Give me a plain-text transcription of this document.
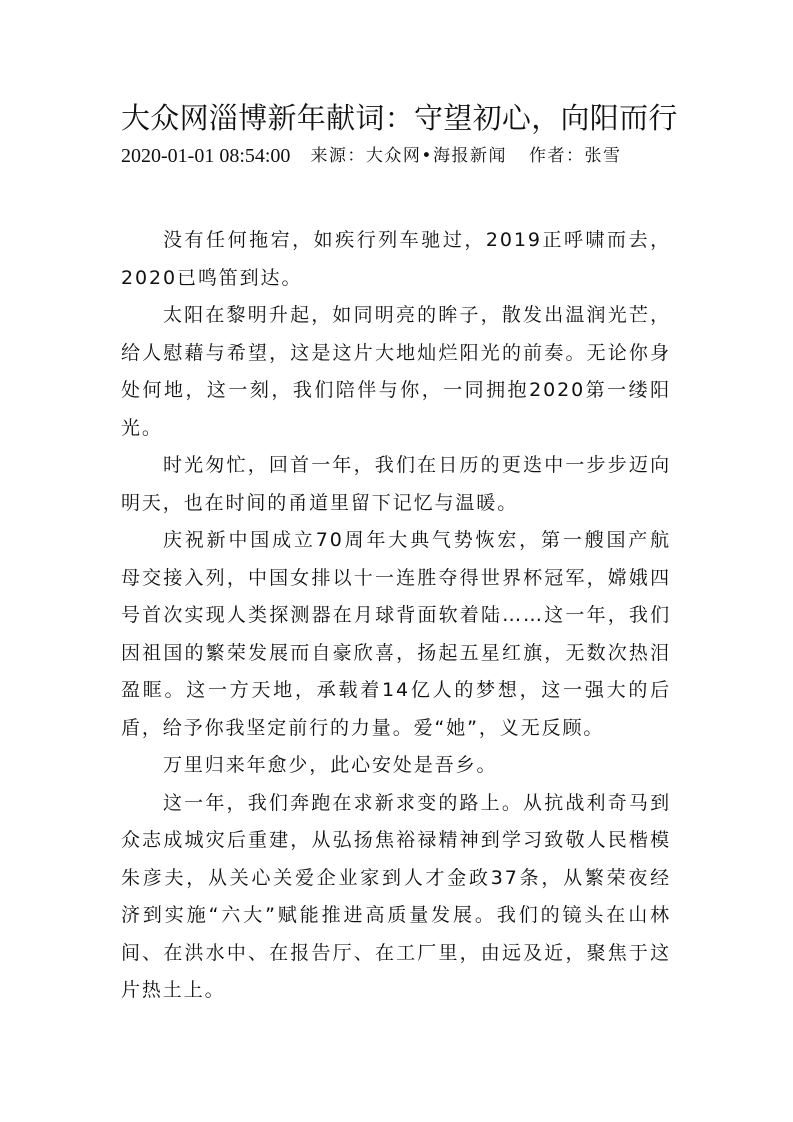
大众网淄博新年献词：守望初心，向阳而行
2020-01-01 08:54:00 来源：大众网•海报新闻 作者：张雪

没有任何拖宕，如疾行列车驰过，2019正呼啸而去，2020已鸣笛到达。

太阳在黎明升起，如同明亮的眸子，散发出温润光芒，给人慰藉与希望，这是这片大地灿烂阳光的前奏。无论你身处何地，这一刻，我们陪伴与你，一同拥抱2020第一缕阳光。

时光匆忙，回首一年，我们在日历的更迭中一步步迈向明天，也在时间的甬道里留下记忆与温暖。

庆祝新中国成立70周年大典气势恢宏，第一艘国产航母交接入列，中国女排以十一连胜夺得世界杯冠军，嫦娥四号首次实现人类探测器在月球背面软着陆……这一年，我们因祖国的繁荣发展而自豪欣喜，扬起五星红旗，无数次热泪盈眶。这一方天地，承载着14亿人的梦想，这一强大的后盾，给予你我坚定前行的力量。爱“她”，义无反顾。

万里归来年愈少，此心安处是吾乡。

这一年，我们奔跑在求新求变的路上。从抗战利奇马到众志成城灾后重建，从弘扬焦裕禄精神到学习致敬人民楷模朱彦夫，从关心关爱企业家到人才金政37条，从繁荣夜经济到实施“六大”赋能推进高质量发展。我们的镜头在山林间、在洪水中、在报告厅、在工厂里，由远及近，聚焦于这片热土上。
